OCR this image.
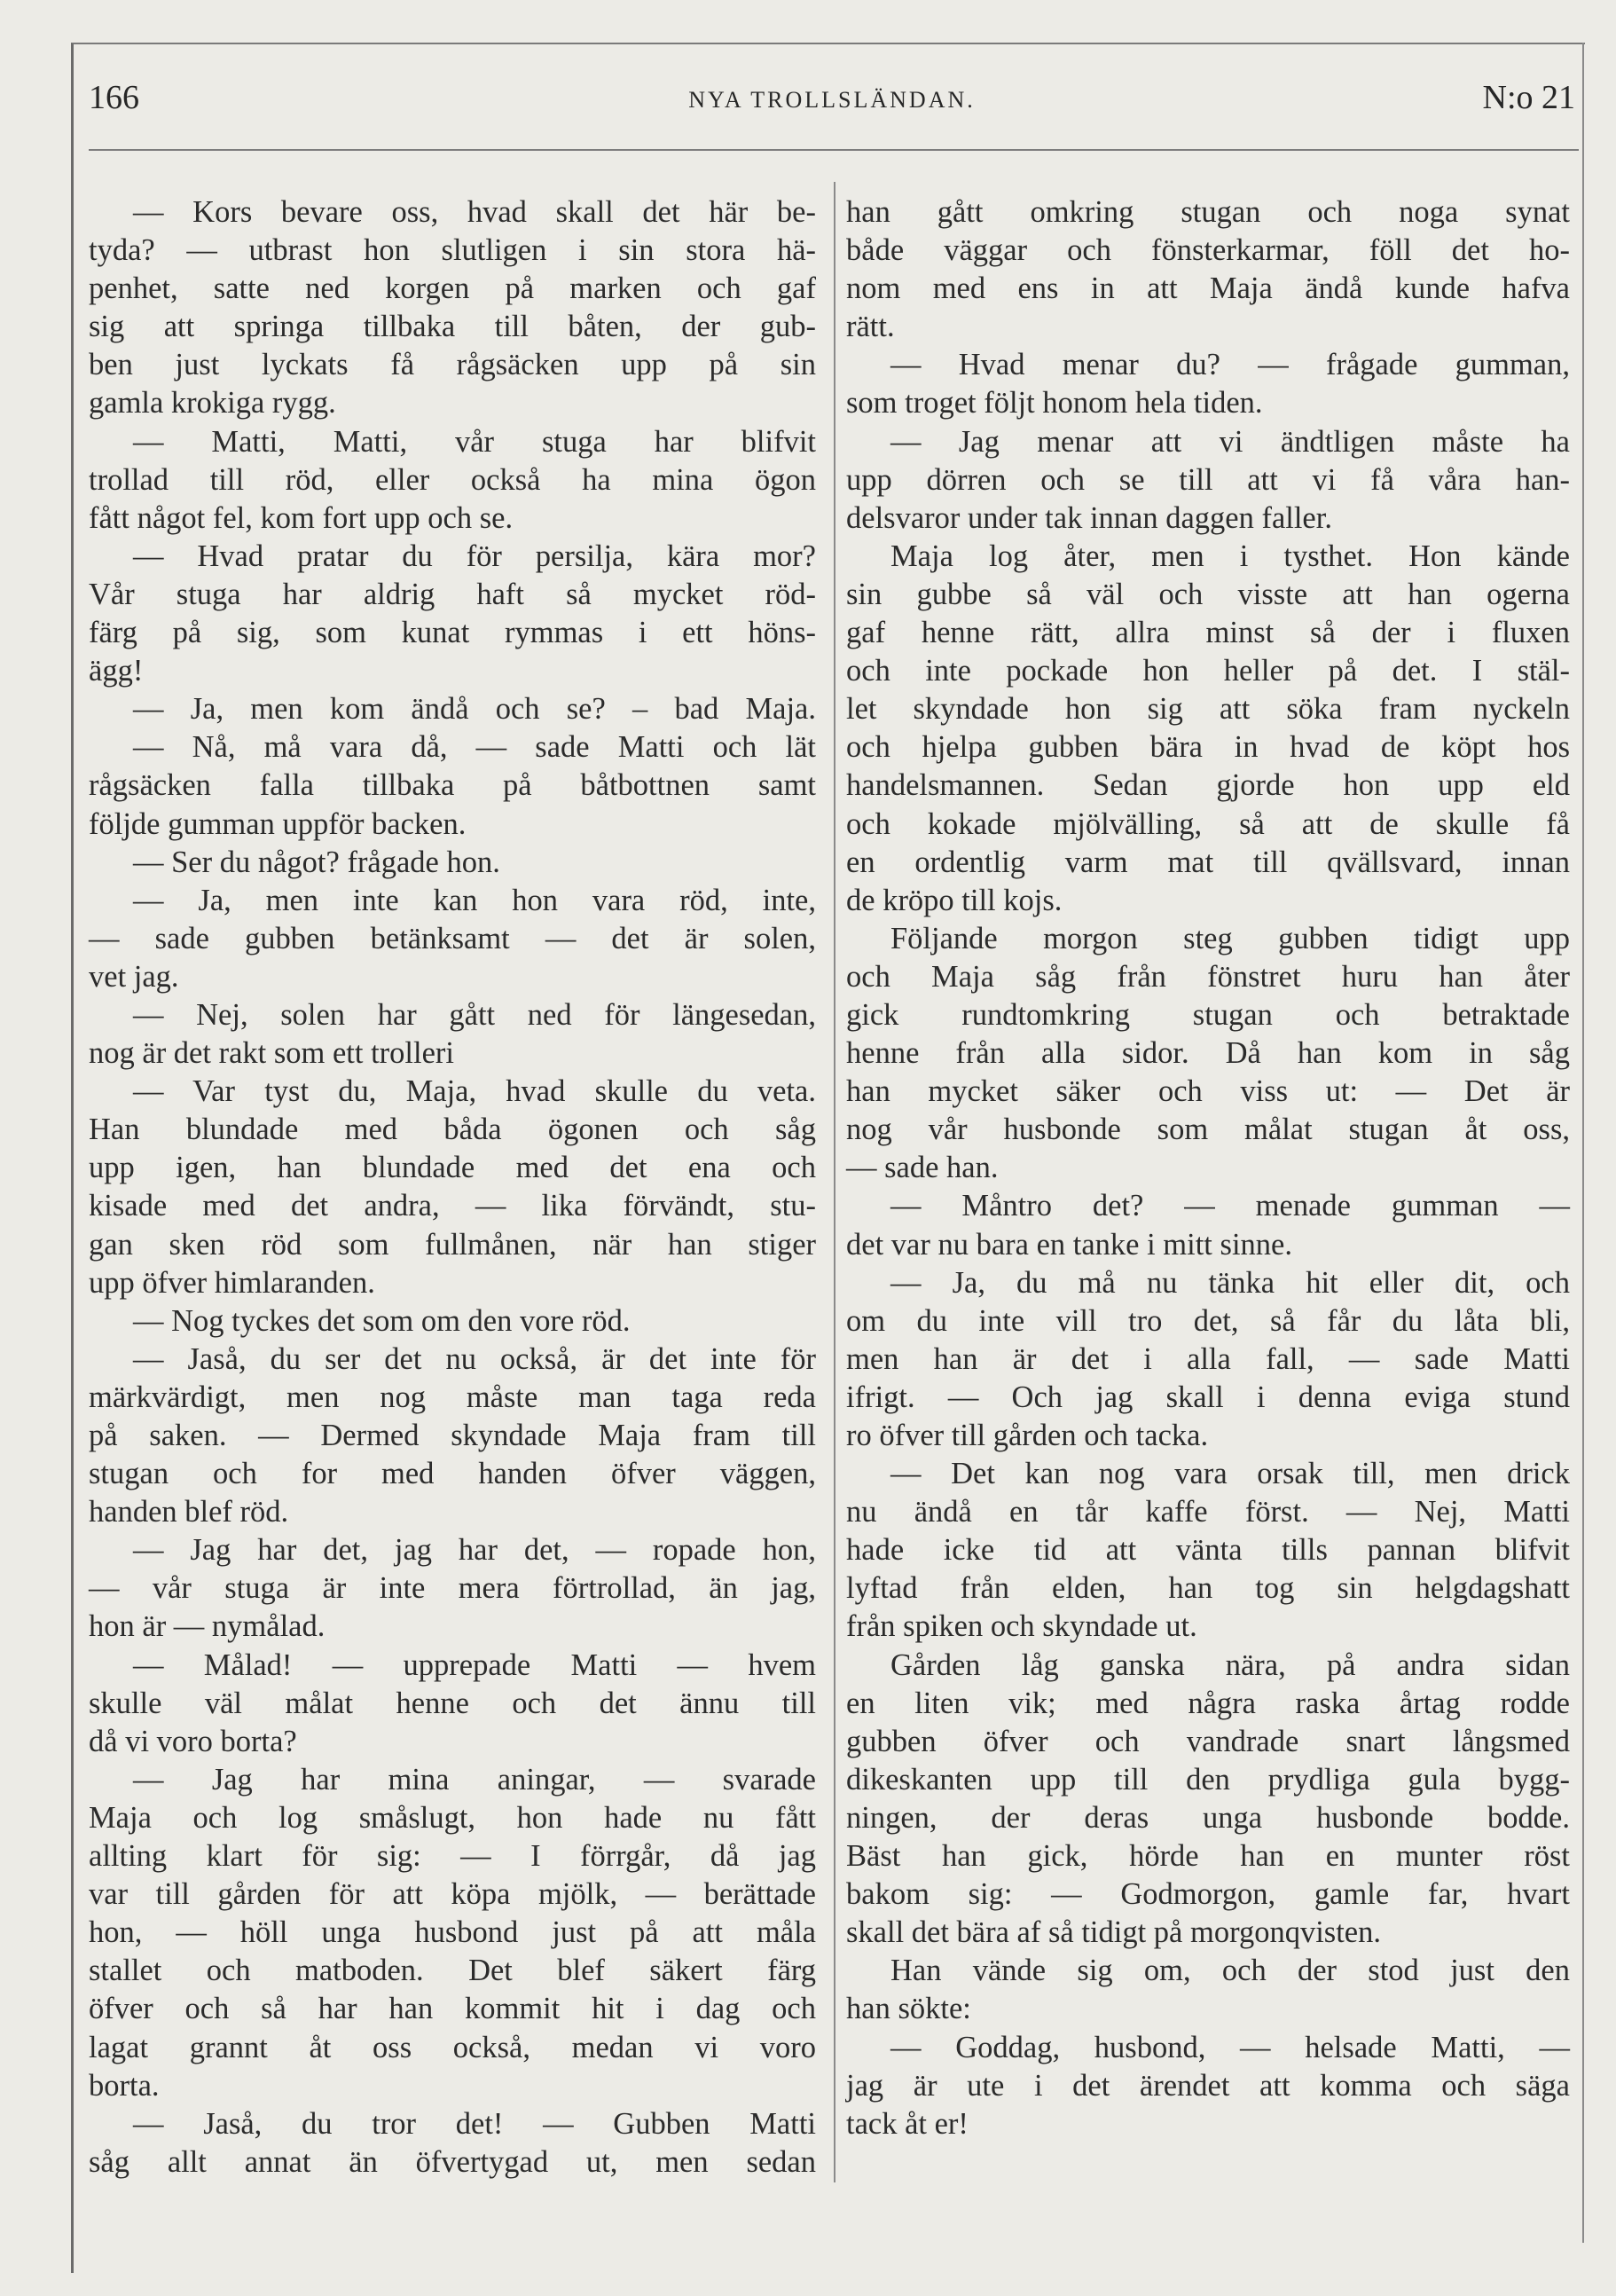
166	NYA TROLLSLÄNDAN.	N:o 21
— Kors bevare oss, hvad skall det här be-
tyda? — utbrast hon slutligen i sin stora hä-
penhet, satte ned korgen på marken och gaf
sig att springa tillbaka till båten, der gub-
ben just lyckats få rågsäcken upp på sin
gamla krokiga rygg.
— Matti, Matti, vår stuga har blifvit
trollad till röd, eller också ha mina ögon
fått något fel, kom fort upp och se.
— Hvad pratar du för persilja, kära mor?
Vår stuga har aldrig haft så mycket röd-
färg på sig, som kunat rymmas i ett höns-
ägg!
— Ja, men kom ändå och se? – bad Maja.
— Nå, må vara då, — sade Matti och lät
rågsäcken falla tillbaka på båtbottnen samt
följde gumman uppför backen.
— Ser du något? frågade hon.
— Ja, men inte kan hon vara röd, inte,
— sade gubben betänksamt — det är solen,
vet jag.
— Nej, solen har gått ned för längesedan,
nog är det rakt som ett trolleri
— Var tyst du, Maja, hvad skulle du veta.
Han blundade med båda ögonen och såg
upp igen, han blundade med det ena och
kisade med det andra, — lika förvändt, stu-
gan sken röd som fullmånen, när han stiger
upp öfver himlaranden.
— Nog tyckes det som om den vore röd.
— Jaså, du ser det nu också, är det inte för
märkvärdigt, men nog måste man taga reda
på saken. — Dermed skyndade Maja fram till
stugan och for med handen öfver väggen,
handen blef röd.
— Jag har det, jag har det, — ropade hon,
— vår stuga är inte mera förtrollad, än jag,
hon är — nymålad.
— Målad! — upprepade Matti — hvem
skulle väl målat henne och det ännu till
då vi voro borta?
— Jag har mina aningar, — svarade
Maja och log småslugt, hon hade nu fått
allting klart för sig: — I förrgår, då jag
var till gården för att köpa mjölk, — berättade
hon, — höll unga husbond just på att måla
stallet och matboden. Det blef säkert färg
öfver och så har han kommit hit i dag och
lagat grannt åt oss också, medan vi voro
borta.
— Jaså, du tror det! — Gubben Matti
såg allt annat än öfvertygad ut, men sedan
han gått omkring stugan och noga synat
både väggar och fönsterkarmar, föll det ho-
nom med ens in att Maja ändå kunde hafva
rätt.
— Hvad menar du? — frågade gumman,
som troget följt honom hela tiden.
— Jag menar att vi ändtligen måste ha
upp dörren och se till att vi få våra han-
delsvaror under tak innan daggen faller.
Maja log åter, men i tysthet. Hon kände
sin gubbe så väl och visste att han ogerna
gaf henne rätt, allra minst så der i fluxen
och inte pockade hon heller på det. I stäl-
let skyndade hon sig att söka fram nyckeln
och hjelpa gubben bära in hvad de köpt hos
handelsmannen. Sedan gjorde hon upp eld
och kokade mjölvälling, så att de skulle få
en ordentlig varm mat till qvällsvard, innan
de kröpo till kojs.
Följande morgon steg gubben tidigt upp
och Maja såg från fönstret huru han åter
gick rundtomkring stugan och betraktade
henne från alla sidor. Då han kom in såg
han mycket säker och viss ut: — Det är
nog vår husbonde som målat stugan åt oss,
— sade han.
— Måntro det? — menade gumman —
det var nu bara en tanke i mitt sinne.
— Ja, du må nu tänka hit eller dit, och
om du inte vill tro det, så får du låta bli,
men han är det i alla fall, — sade Matti
ifrigt. — Och jag skall i denna eviga stund
ro öfver till gården och tacka.
— Det kan nog vara orsak till, men drick
nu ändå en tår kaffe först. — Nej, Matti
hade icke tid att vänta tills pannan blifvit
lyftad från elden, han tog sin helgdagshatt
från spiken och skyndade ut.
Gården låg ganska nära, på andra sidan
en liten vik; med några raska årtag rodde
gubben öfver och vandrade snart långsmed
dikeskanten upp till den prydliga gula bygg-
ningen, der deras unga husbonde bodde.
Bäst han gick, hörde han en munter röst
bakom sig: — Godmorgon, gamle far, hvart
skall det bära af så tidigt på morgonqvisten.
Han vände sig om, och der stod just den
han sökte:
— Goddag, husbond, — helsade Matti, —
jag är ute i det ärendet att komma och säga
tack åt er!
